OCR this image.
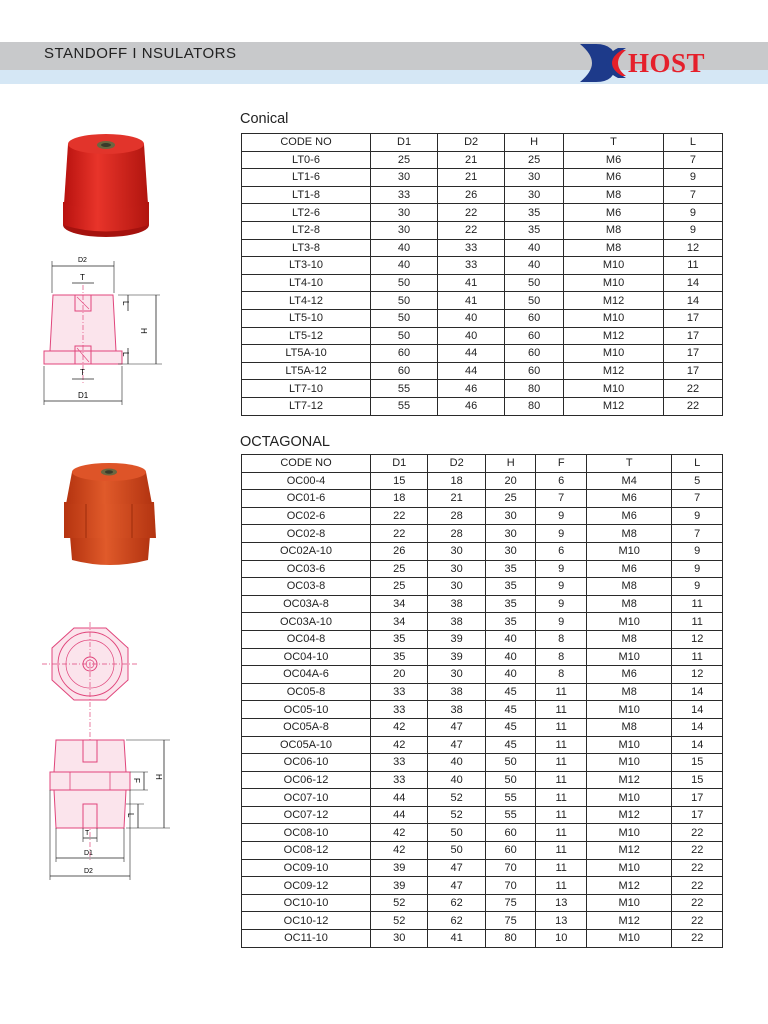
STANDOFF I NSULATORS	HOST
Conical
D2
T
L
L
H
T
D1
CODE NO	D1	D2	H	T	L
LT0-6	25	21	25	M6	7
LT1-6	30	21	30	M6	9
LT1-8	33	26	30	M8	7
LT2-6	30	22	35	M6	9
LT2-8	30	22	35	M8	9
LT3-8	40	33	40	M8	12
LT3-10	40	33	40	M10	11
LT4-10	50	41	50	M10	14
LT4-12	50	41	50	M12	14
LT5-10	50	40	60	M10	17
LT5-12	50	40	60	M12	17
LT5A-10	60	44	60	M10	17
LT5A-12	60	44	60	M12	17
LT7-10	55	46	80	M10	22
LT7-12	55	46	80	M12	22
OCTAGONAL
H
F
L
T
D1
D2
CODE NO	D1	D2	H	F	T	L
OC00-4	15	18	20	6	M4	5
OC01-6	18	21	25	7	M6	7
OC02-6	22	28	30	9	M6	9
OC02-8	22	28	30	9	M8	7
OC02A-10	26	30	30	6	M10	9
OC03-6	25	30	35	9	M6	9
OC03-8	25	30	35	9	M8	9
OC03A-8	34	38	35	9	M8	11
OC03A-10	34	38	35	9	M10	11
OC04-8	35	39	40	8	M8	12
OC04-10	35	39	40	8	M10	11
OC04A-6	20	30	40	8	M6	12
OC05-8	33	38	45	11	M8	14
OC05-10	33	38	45	11	M10	14
OC05A-8	42	47	45	11	M8	14
OC05A-10	42	47	45	11	M10	14
OC06-10	33	40	50	11	M10	15
OC06-12	33	40	50	11	M12	15
OC07-10	44	52	55	11	M10	17
OC07-12	44	52	55	11	M12	17
OC08-10	42	50	60	11	M10	22
OC08-12	42	50	60	11	M12	22
OC09-10	39	47	70	11	M10	22
OC09-12	39	47	70	11	M12	22
OC10-10	52	62	75	13	M10	22
OC10-12	52	62	75	13	M12	22
OC11-10	30	41	80	10	M10	22
